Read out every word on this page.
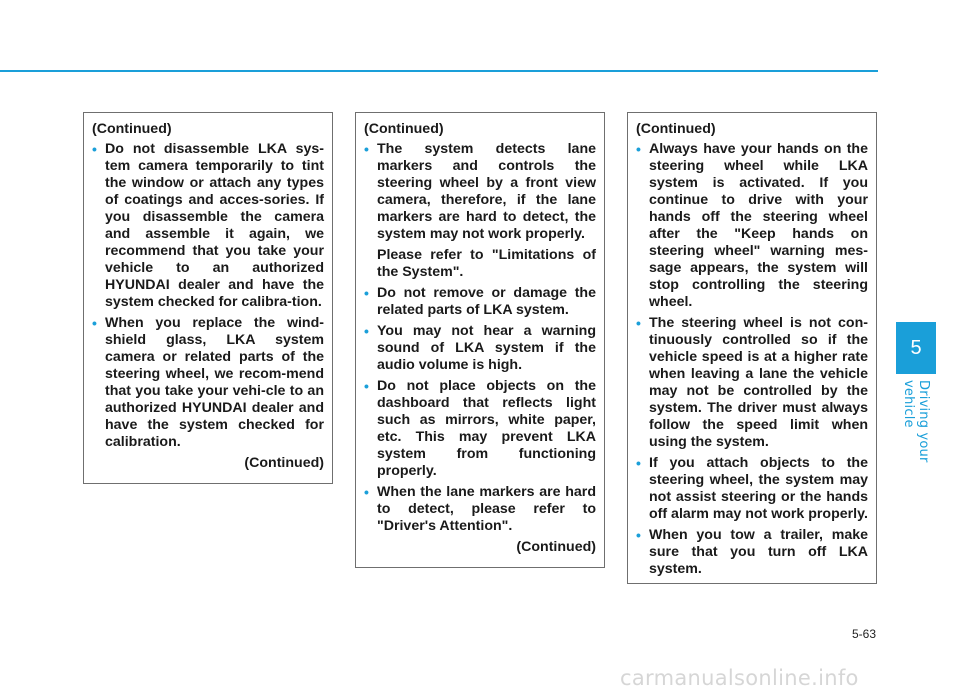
5
Driving your vehicle
(Continued)
• Do not disassemble LKA sys-tem camera temporarily to tint the window or attach any types of coatings and acces-sories. If you disassemble the camera and assemble it again, we recommend that you take your vehicle to an authorized HYUNDAI dealer and have the system checked for calibra-tion.
• When you replace the wind-shield glass, LKA system camera or related parts of the steering wheel, we recom-mend that you take your vehi-cle to an authorized HYUNDAI dealer and have the system checked for calibration.
(Continued)
(Continued)
• The system detects lane markers and controls the steering wheel by a front view camera, therefore, if the lane markers are hard to detect, the system may not work properly.
Please refer to "Limitations of the System".
• Do not remove or damage the related parts of LKA system.
• You may not hear a warning sound of LKA system if the audio volume is high.
• Do not place objects on the dashboard that reflects light such as mirrors, white paper, etc. This may prevent LKA system from functioning properly.
• When the lane markers are hard to detect, please refer to "Driver's Attention".
(Continued)
(Continued)
• Always have your hands on the steering wheel while LKA system is activated. If you continue to drive with your hands off the steering wheel after the "Keep hands on steering wheel" warning mes-sage appears, the system will stop controlling the steering wheel.
• The steering wheel is not con-tinuously controlled so if the vehicle speed is at a higher rate when leaving a lane the vehicle may not be controlled by the system. The driver must always follow the speed limit when using the system.
• If you attach objects to the steering wheel, the system may not assist steering or the hands off alarm may not work properly.
• When you tow a trailer, make sure that you turn off LKA system.
5-63
carmanualsonline.info
